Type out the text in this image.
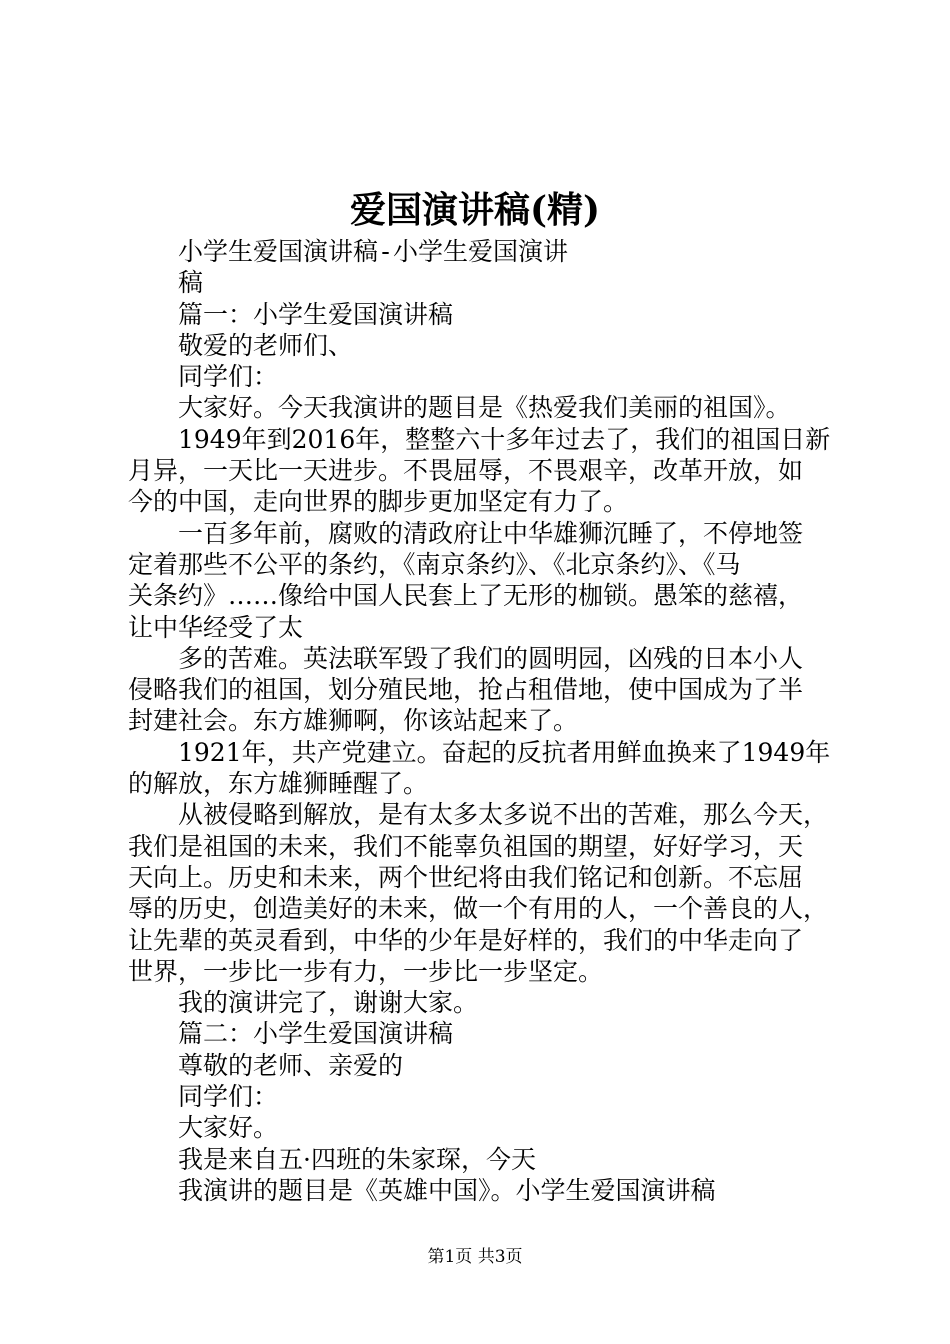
爱国演讲稿(精)
小学生爱国演讲稿-小学生爱国演讲
稿
篇一：小学生爱国演讲稿
敬爱的老师们、
同学们：
大家好。今天我演讲的题目是《热爱我们美丽的祖国》。
1949年到2016年，整整六十多年过去了，我们的祖国日新
月异，一天比一天进步。不畏屈辱，不畏艰辛，改革开放，如
今的中国，走向世界的脚步更加坚定有力了。
一百多年前，腐败的清政府让中华雄狮沉睡了，不停地签
定着那些不公平的条约，《南京条约》、《北京条约》、《马
关条约》……像给中国人民套上了无形的枷锁。愚笨的慈禧，
让中华经受了太
多的苦难。英法联军毁了我们的圆明园，凶残的日本小人
侵略我们的祖国，划分殖民地，抢占租借地，使中国成为了半
封建社会。东方雄狮啊，你该站起来了。
1921年，共产党建立。奋起的反抗者用鲜血换来了1949年
的解放，东方雄狮睡醒了。
从被侵略到解放，是有太多太多说不出的苦难，那么今天，
我们是祖国的未来，我们不能辜负祖国的期望，好好学习，天
天向上。历史和未来，两个世纪将由我们铭记和创新。不忘屈
辱的历史，创造美好的未来，做一个有用的人，一个善良的人，
让先辈的英灵看到，中华的少年是好样的，我们的中华走向了
世界，一步比一步有力，一步比一步坚定。
我的演讲完了，谢谢大家。
篇二：小学生爱国演讲稿
尊敬的老师、亲爱的
同学们：
大家好。
我是来自五·四班的朱家琛，今天
我演讲的题目是《英雄中国》。小学生爱国演讲稿
第1页 共3页
